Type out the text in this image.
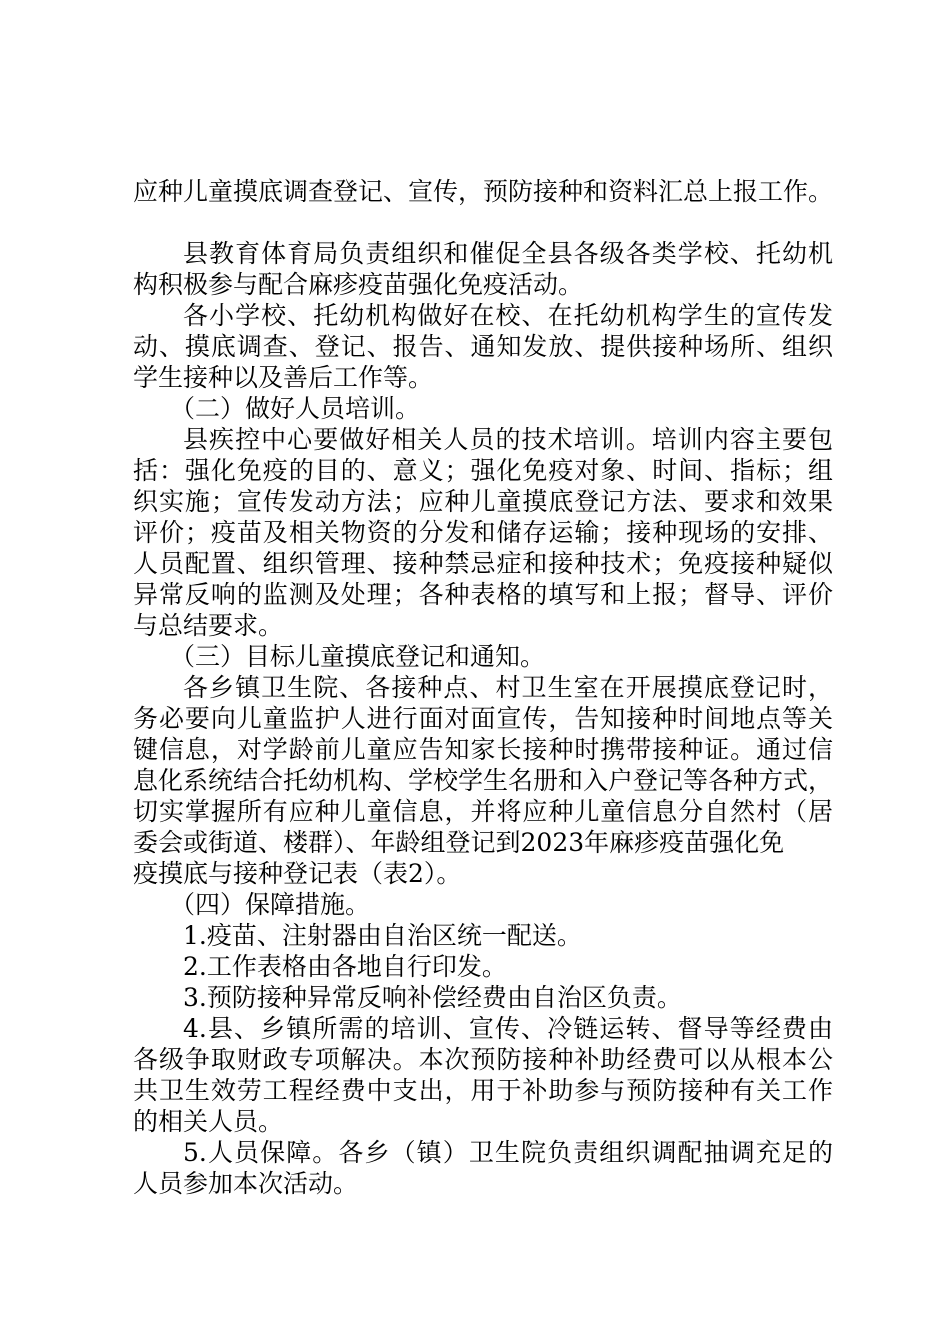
应种儿童摸底调查登记、宣传，预防接种和资料汇总上报工作。
县教育体育局负责组织和催促全县各级各类学校、托幼机
构积极参与配合麻疹疫苗强化免疫活动。
各小学校、托幼机构做好在校、在托幼机构学生的宣传发
动、摸底调查、登记、报告、通知发放、提供接种场所、组织
学生接种以及善后工作等。
（二）做好人员培训。
县疾控中心要做好相关人员的技术培训。培训内容主要包
括：强化免疫的目的、意义；强化免疫对象、时间、指标；组
织实施；宣传发动方法；应种儿童摸底登记方法、要求和效果
评价；疫苗及相关物资的分发和储存运输；接种现场的安排、
人员配置、组织管理、接种禁忌症和接种技术；免疫接种疑似
异常反响的监测及处理；各种表格的填写和上报；督导、评价
与总结要求。
（三）目标儿童摸底登记和通知。
各乡镇卫生院、各接种点、村卫生室在开展摸底登记时，
务必要向儿童监护人进行面对面宣传，告知接种时间地点等关
键信息，对学龄前儿童应告知家长接种时携带接种证。通过信
息化系统结合托幼机构、学校学生名册和入户登记等各种方式，
切实掌握所有应种儿童信息，并将应种儿童信息分自然村（居
委会或街道、楼群）、年龄组登记到2023年麻疹疫苗强化免
疫摸底与接种登记表（表2）。
（四）保障措施。
1.疫苗、注射器由自治区统一配送。
2.工作表格由各地自行印发。
3.预防接种异常反响补偿经费由自治区负责。
4.县、乡镇所需的培训、宣传、冷链运转、督导等经费由
各级争取财政专项解决。本次预防接种补助经费可以从根本公
共卫生效劳工程经费中支出，用于补助参与预防接种有关工作
的相关人员。
5.人员保障。各乡（镇）卫生院负责组织调配抽调充足的
人员参加本次活动。
